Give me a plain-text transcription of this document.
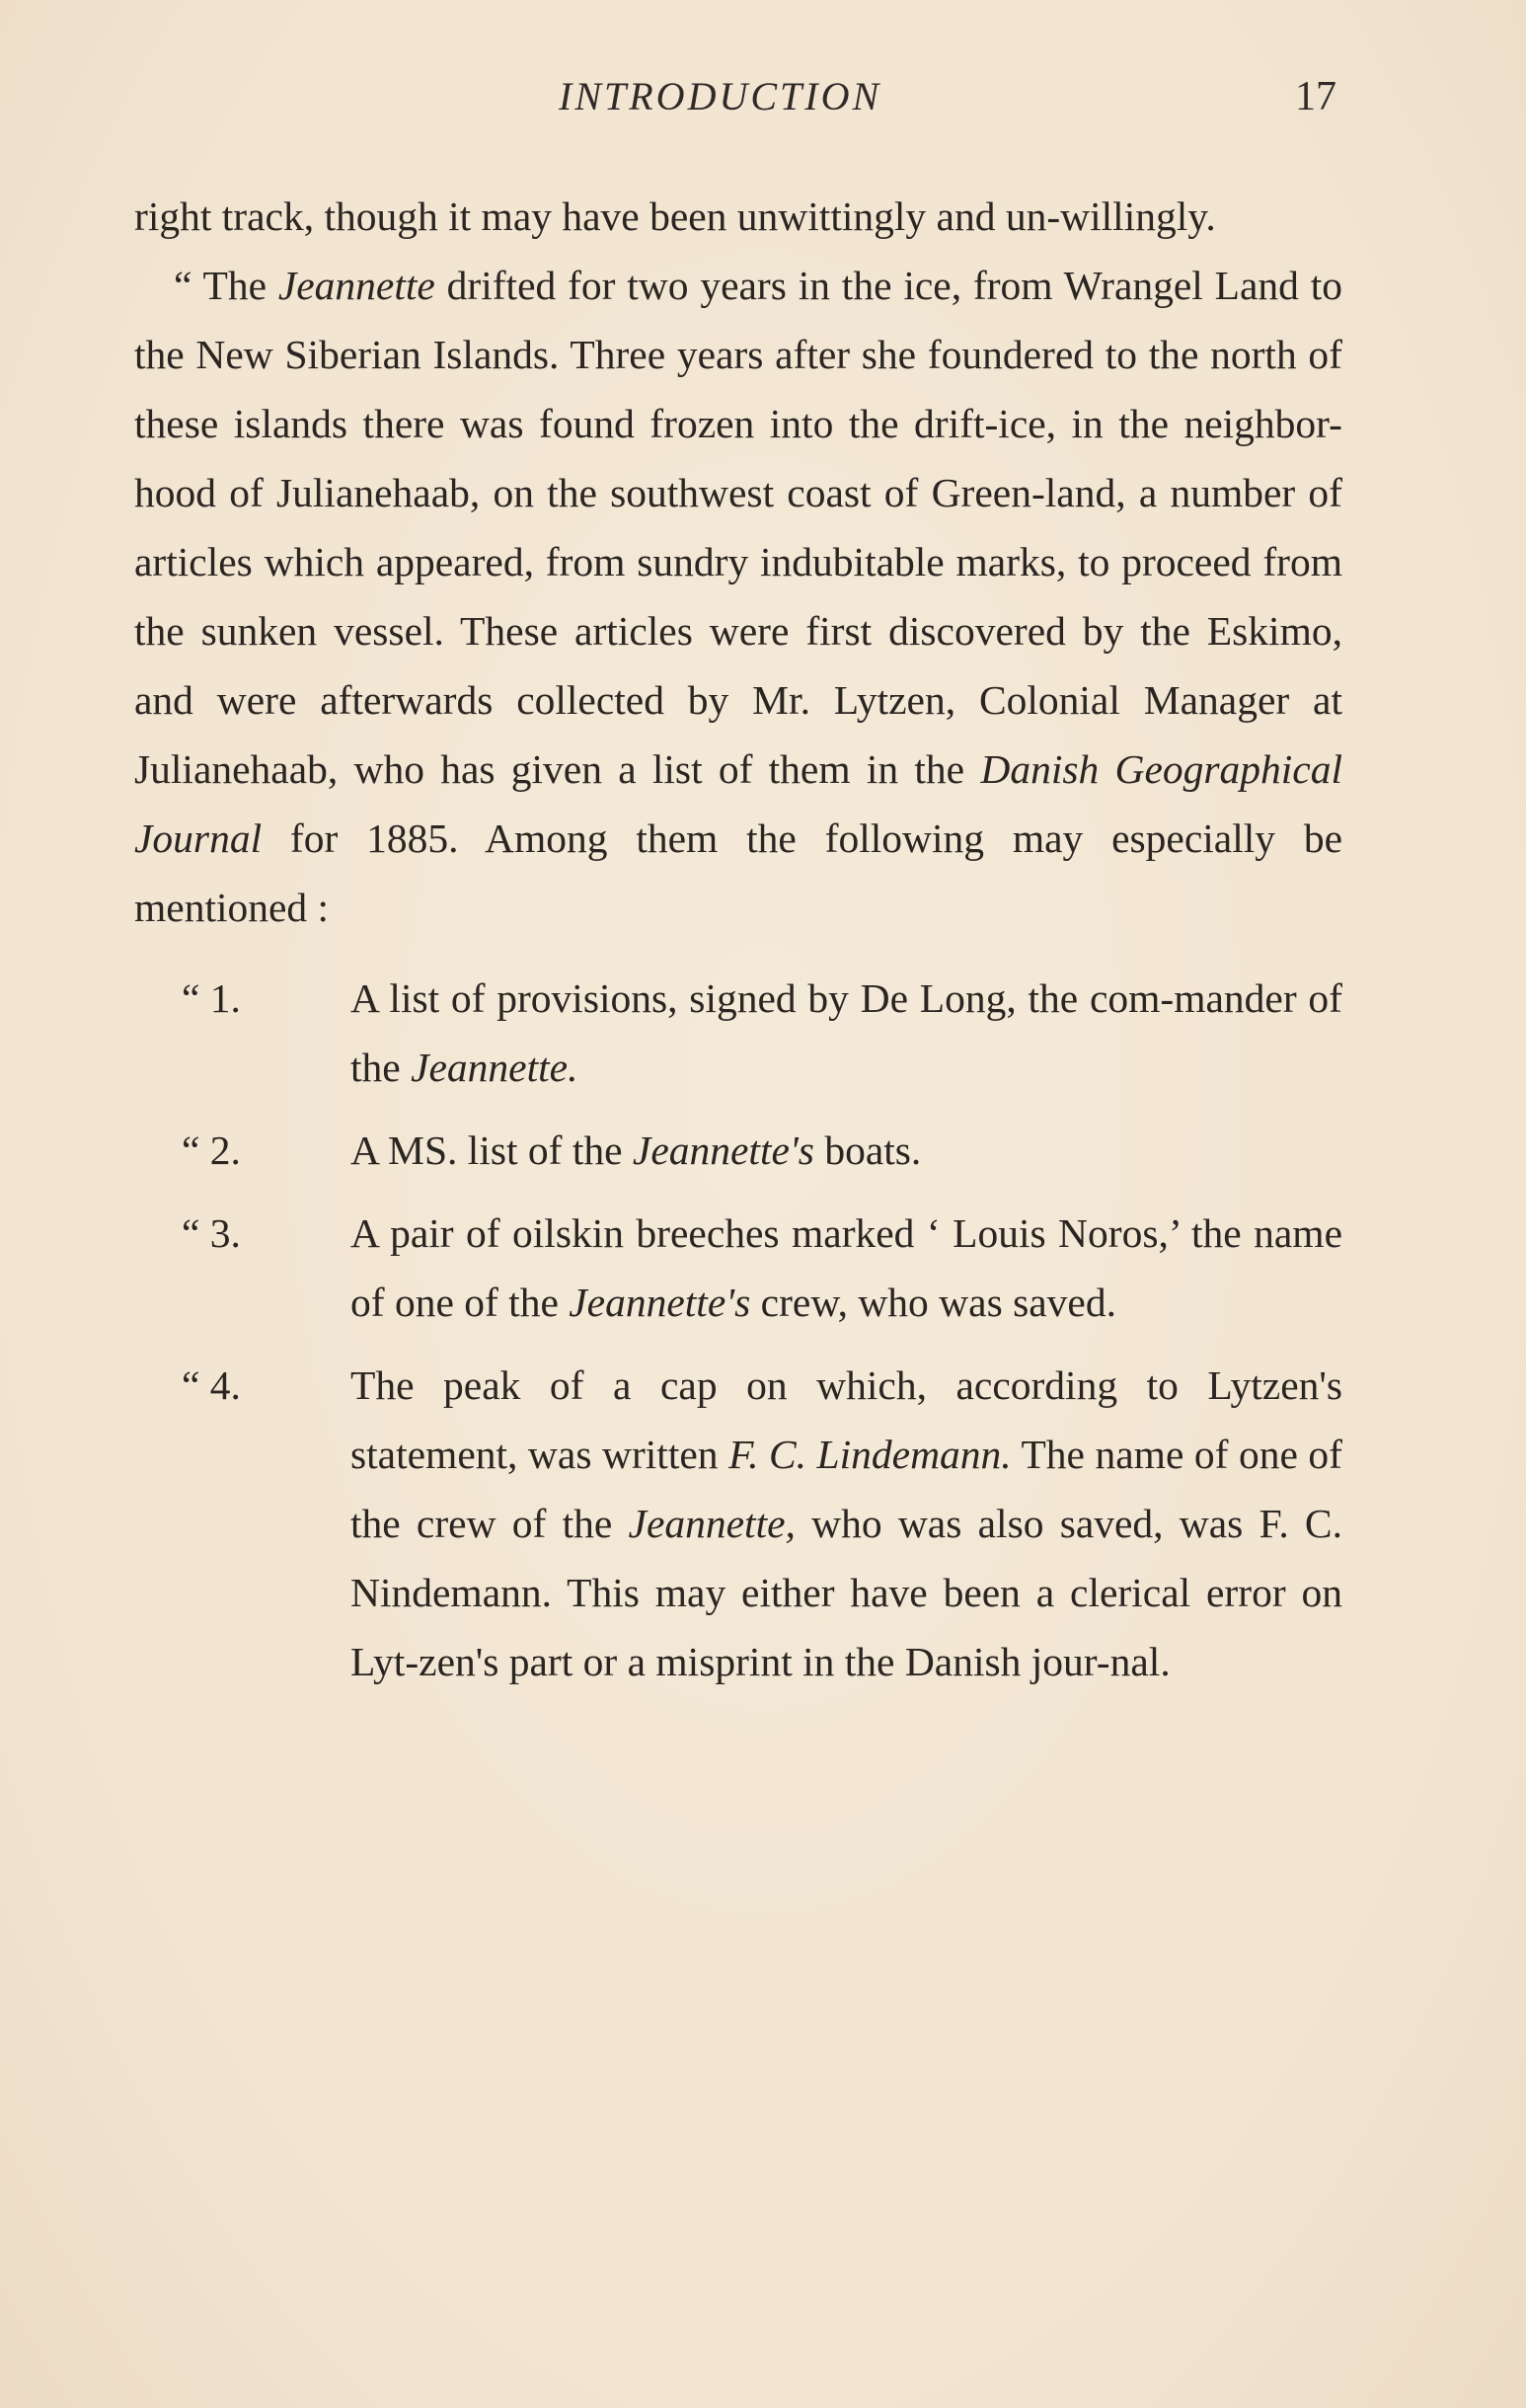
INTRODUCTION	17

right track, though it may have been unwittingly and un-willingly.

“ The Jeannette drifted for two years in the ice, from Wrangel Land to the New Siberian Islands. Three years after she foundered to the north of these islands there was found frozen into the drift-ice, in the neighbor-hood of Julianehaab, on the southwest coast of Green-land, a number of articles which appeared, from sundry indubitable marks, to proceed from the sunken vessel. These articles were first discovered by the Eskimo, and were afterwards collected by Mr. Lytzen, Colonial Manager at Julianehaab, who has given a list of them in the Danish Geographical Journal for 1885. Among them the following may especially be mentioned :

“ 1.	A list of provisions, signed by De Long, the com-mander of the Jeannette.
“ 2.	A MS. list of the Jeannette's boats.
“ 3.	A pair of oilskin breeches marked ‘ Louis Noros,’ the name of one of the Jeannette's crew, who was saved.
“ 4.	The peak of a cap on which, according to Lytzen's statement, was written F. C. Lindemann. The name of one of the crew of the Jeannette, who was also saved, was F. C. Nindemann. This may either have been a clerical error on Lyt-zen's part or a misprint in the Danish jour-nal.
